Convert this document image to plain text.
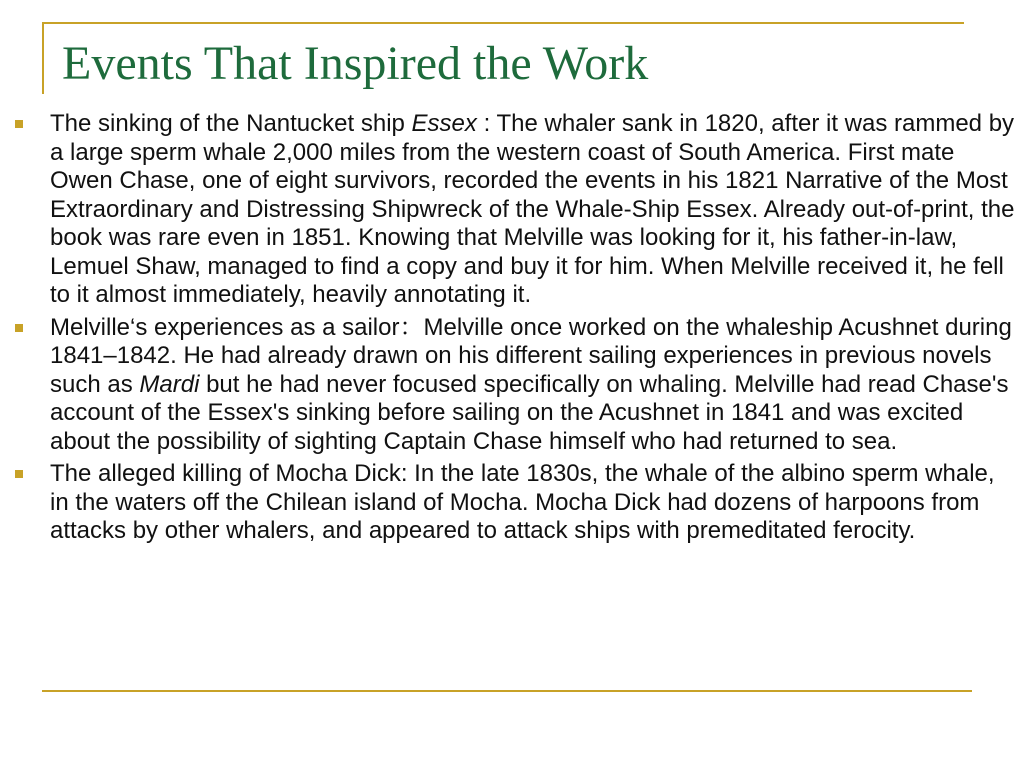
Events That Inspired the Work
The sinking of the Nantucket ship Essex : The whaler sank in 1820, after it was rammed by a large sperm whale 2,000 miles from the western coast of South America. First mate Owen Chase, one of eight survivors, recorded the events in his 1821 Narrative of the Most Extraordinary and Distressing Shipwreck of the Whale-Ship Essex. Already out-of-print, the book was rare even in 1851. Knowing that Melville was looking for it, his father-in-law, Lemuel Shaw, managed to find a copy and buy it for him. When Melville received it, he fell to it almost immediately, heavily annotating it.
Melville‘s experiences as a sailor：Melville once worked on the whaleship Acushnet during 1841–1842. He had already drawn on his different sailing experiences in previous novels such as Mardi but he had never focused specifically on whaling. Melville had read Chase's account of the Essex's sinking before sailing on the Acushnet in 1841 and was excited about the possibility of sighting Captain Chase himself who had returned to sea.
The alleged killing of Mocha Dick: In the late 1830s, the whale of the albino sperm whale, in the waters off the Chilean island of Mocha. Mocha Dick had dozens of harpoons from attacks by other whalers, and appeared to attack ships with premeditated ferocity.
